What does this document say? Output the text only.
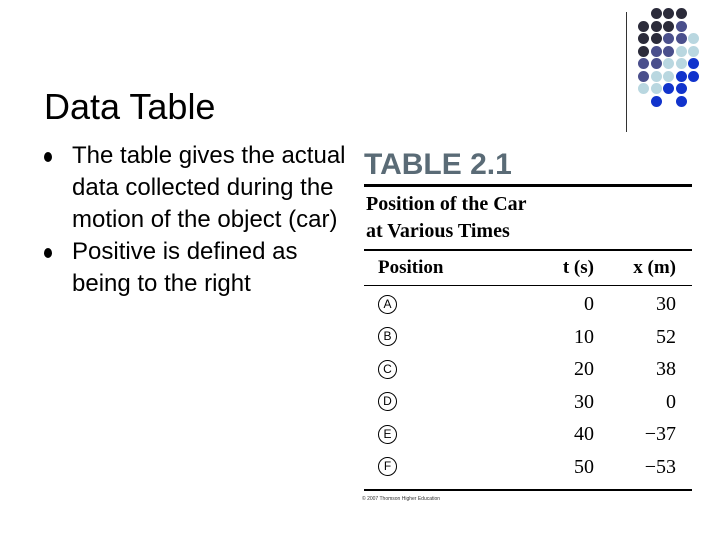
Data Table
The table gives the actual data collected during the motion of the object (car)
Positive is defined as being to the right
TABLE 2.1
Position of the Car
at Various Times
Position	t (s)	x (m)
A	0	30
B	10	52
C	20	38
D	30	0
E	40	−37
F	50	−53
© 2007 Thomson Higher Education
